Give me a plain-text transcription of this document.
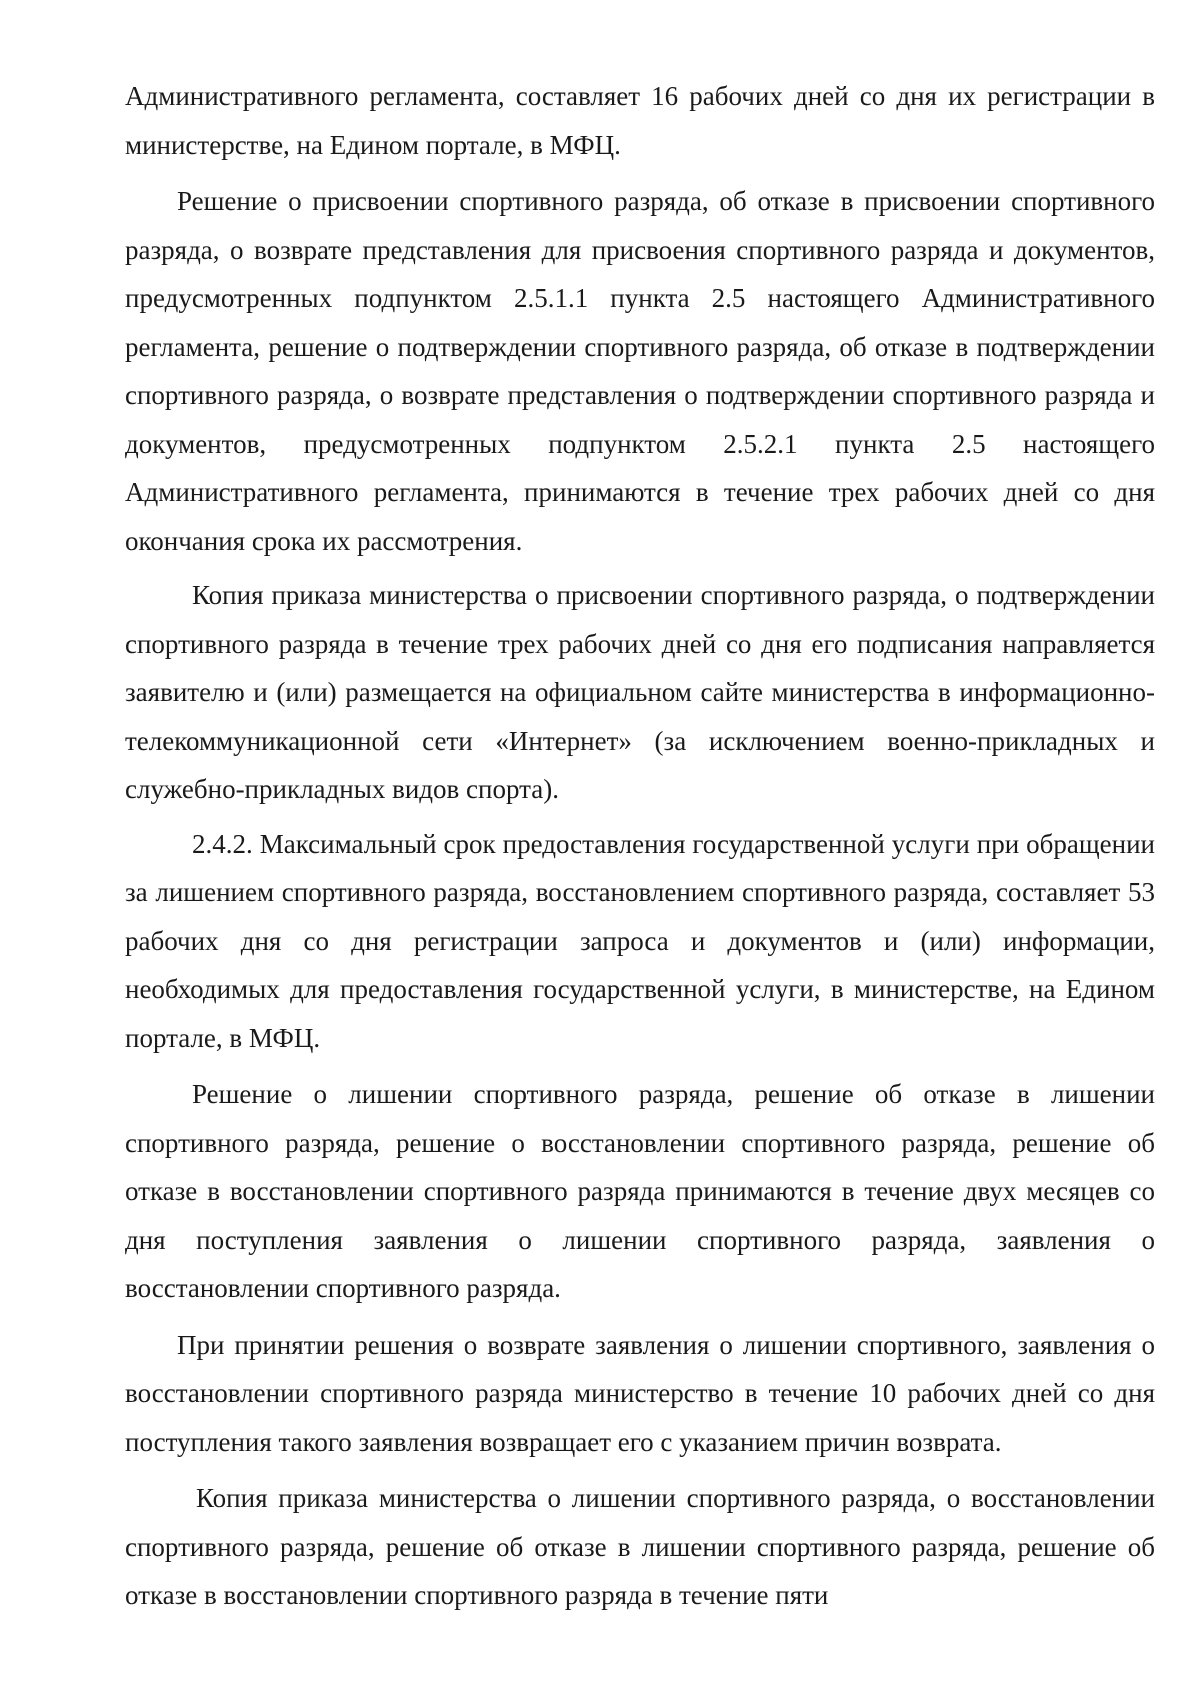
Административного регламента, составляет 16 рабочих дней со дня их регистрации в министерстве, на Едином портале, в МФЦ.

Решение о присвоении спортивного разряда, об отказе в присвоении спортивного разряда, о возврате представления для присвоения спортивного разряда и документов, предусмотренных подпунктом 2.5.1.1 пункта 2.5 настоящего Административного регламента, решение о подтверждении спортивного разряда, об отказе в подтверждении спортивного разряда, о возврате представления о подтверждении спортивного разряда и документов, предусмотренных подпунктом 2.5.2.1 пункта 2.5 настоящего Административного регламента, принимаются в течение трех рабочих дней со дня окончания срока их рассмотрения.

Копия приказа министерства о присвоении спортивного разряда, о подтверждении спортивного разряда в течение трех рабочих дней со дня его подписания направляется заявителю и (или) размещается на официальном сайте министерства в информационно-телекоммуникационной сети «Интернет» (за исключением военно-прикладных и служебно-прикладных видов спорта).

2.4.2. Максимальный срок предоставления государственной услуги при обращении за лишением спортивного разряда, восстановлением спортивного разряда, составляет 53 рабочих дня со дня регистрации запроса и документов и (или) информации, необходимых для предоставления государственной услуги, в министерстве, на Едином портале, в МФЦ.

Решение о лишении спортивного разряда, решение об отказе в лишении спортивного разряда, решение о восстановлении спортивного разряда, решение об отказе в восстановлении спортивного разряда принимаются в течение двух месяцев со дня поступления заявления о лишении спортивного разряда, заявления о восстановлении спортивного разряда.

При принятии решения о возврате заявления о лишении спортивного, заявления о восстановлении спортивного разряда министерство в течение 10 рабочих дней со дня поступления такого заявления возвращает его с указанием причин возврата.

Копия приказа министерства о лишении спортивного разряда, о восстановлении спортивного разряда, решение об отказе в лишении спортивного разряда, решение об отказе в восстановлении спортивного разряда в течение пяти
